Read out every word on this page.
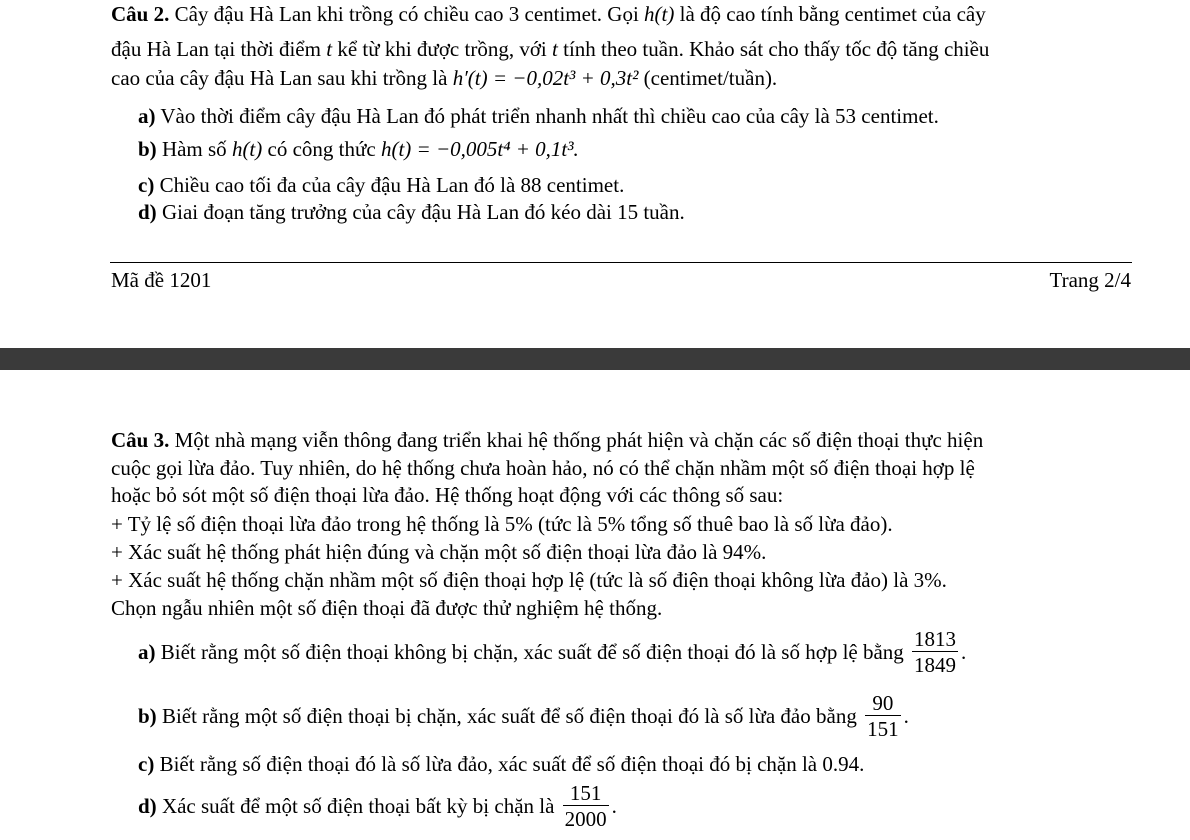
Câu 2. Cây đậu Hà Lan khi trồng có chiều cao 3 centimet. Gọi h(t) là độ cao tính bằng centimet của cây
đậu Hà Lan tại thời điểm t kể từ khi được trồng, với t tính theo tuần. Khảo sát cho thấy tốc độ tăng chiều
cao của cây đậu Hà Lan sau khi trồng là h′(t) = −0,02t³ + 0,3t² (centimet/tuần).
a) Vào thời điểm cây đậu Hà Lan đó phát triển nhanh nhất thì chiều cao của cây là 53 centimet.
b) Hàm số h(t) có công thức h(t) = −0,005t⁴ + 0,1t³.
c) Chiều cao tối đa của cây đậu Hà Lan đó là 88 centimet.
d) Giai đoạn tăng trưởng của cây đậu Hà Lan đó kéo dài 15 tuần.
Mã đề 1201	Trang 2/4
Câu 3. Một nhà mạng viễn thông đang triển khai hệ thống phát hiện và chặn các số điện thoại thực hiện
cuộc gọi lừa đảo. Tuy nhiên, do hệ thống chưa hoàn hảo, nó có thể chặn nhầm một số điện thoại hợp lệ
hoặc bỏ sót một số điện thoại lừa đảo. Hệ thống hoạt động với các thông số sau:
+ Tỷ lệ số điện thoại lừa đảo trong hệ thống là 5% (tức là 5% tổng số thuê bao là số lừa đảo).
+ Xác suất hệ thống phát hiện đúng và chặn một số điện thoại lừa đảo là 94%.
+ Xác suất hệ thống chặn nhầm một số điện thoại hợp lệ (tức là số điện thoại không lừa đảo) là 3%.
Chọn ngẫu nhiên một số điện thoại đã được thử nghiệm hệ thống.
a) Biết rằng một số điện thoại không bị chặn, xác suất để số điện thoại đó là số hợp lệ bằng $\frac{1813}{1849}$ .
b) Biết rằng một số điện thoại bị chặn, xác suất để số điện thoại đó là số lừa đảo bằng $\frac{90}{151}$ .
c) Biết rằng số điện thoại đó là số lừa đảo, xác suất để số điện thoại đó bị chặn là 0.94.
d) Xác suất để một số điện thoại bất kỳ bị chặn là $\frac{151}{2000}$ .
